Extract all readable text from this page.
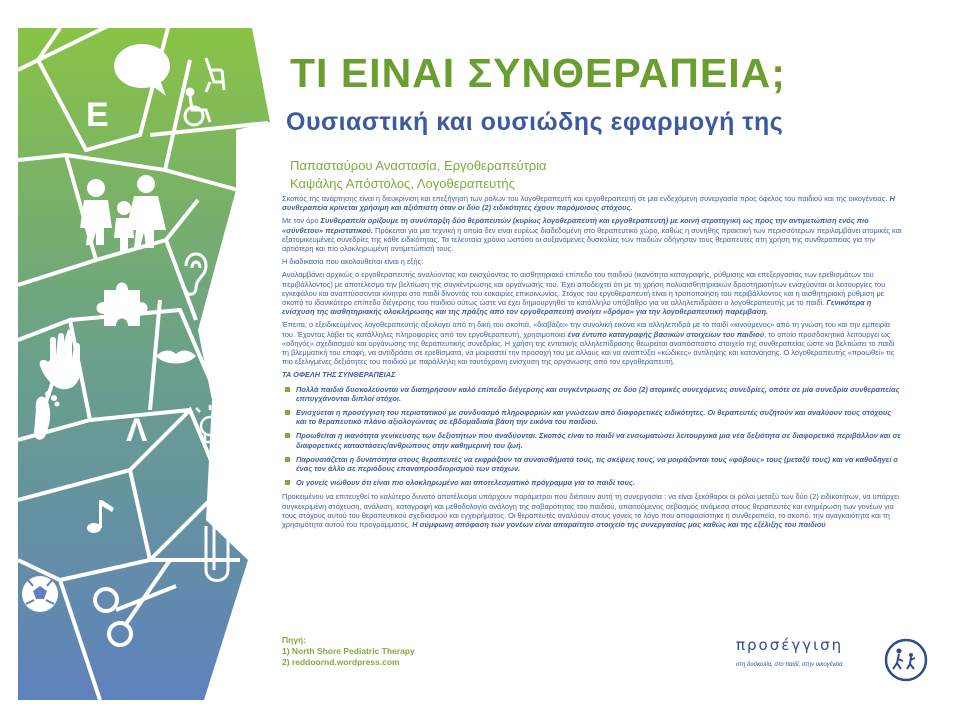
Ε
Λ
ΤΙ ΕΙΝΑΙ ΣΥΝΘΕΡΑΠΕΙΑ;
Ουσιαστική και ουσιώδης εφαρμογή της
Παπασταύρου Αναστασία, Εργοθεραπεύτρια
Καψάλης Απόστολος, Λογοθεραπευτής

Σκοπός της ανάρτησης είναι η διευκρίνιση και επεξήγηση των ρόλων του λογοθεραπευτή και εργοθεραπευτή σε μια ενδεχόμενη συνεργασία προς όφελος του παιδιού και της οικογένειας. Η συνθεραπεία κρίνεται χρήσιμη και αξιόπιστη όταν οι δύο (2) ειδικότητες έχουν παρόμοιους στόχους.

Με τον όρο Συνθεραπεία ορίζουμε τη συνύπαρξη δύο θεραπευτών (κυρίως λογοθεραπευτή και εργοθεραπευτή) με κοινή στρατηγική ως προς την αντιμετώπιση ενός πιο «σύνθετου» περιστατικού. Πρόκειται για μια τεχνική η οποία δεν είναι ευρέως διαδεδομένη στο θεραπευτικό χώρο, καθώς η συνήθης πρακτική των περισσότερων περιλαμβάνει ατομικές και εξατομικευμένες συνεδρίες της κάθε ειδικότητας. Τα τελευταία χρόνια ωστόσο οι αυξανόμενες δυσκολίες των παιδιών οδήγησαν τους θεραπευτές στη χρήση της συνθεραπείας για την αρτιότερη και πιο ολοκληρωμένη αντιμετώπισή τους.

Η διαδικασία που ακολουθείται είναι η εξής:

Αναλαμβάνει αρχικώς ο εργοθεραπευτής αναλύοντας και ενισχύοντας το αισθητηριακό επίπεδο του παιδιού (ικανότητα καταγραφής, ρύθμισης και επεξεργασίας των ερεθισμάτων του περιβάλλοντος) με αποτέλεσμα την βελτίωση της συγκέντρωσης και οργάνωσής του. Έχει αποδειχτεί ότι με τη χρήση πολυαισθητηριακών δραστηριοτήτων ενισχύονται οι λειτουργίες του εγκεφάλου και αναπτύσσονται κίνητρα στο παιδί δίνοντάς του ευκαιρίες επικοινωνίας. Στόχος του εργοθεραπευτή είναι η τροποποίηση του περιβάλλοντος και η αισθητηριακή ρύθμιση με σκοπό το ιδανικότερο επίπεδο διέγερσης του παιδιού ούτως ώστε να έχει δημιουργηθεί το κατάλληλο υπόβαθρο για να αλληλεπιδράσει ο λογοθεραπευτής με το παιδί. Γενικότερα η ενίσχυση της αισθητηριακής ολοκλήρωσης και της πράξης από τον εργοθεραπευτή ανοίγει «δρόμο» για την λογοθεραπευτική παρέμβαση.

Έπειτα, ο εξειδικευμένος λογοθεραπευτής αξιολογεί από τη δική του σκοπιά, «διαβάζει» την συνολική εικόνα και αλληλεπιδρά με το παιδί «κινούμενος» από τη γνώση του και την εμπειρία του. Έχοντας λάβει τις κατάλληλες πληροφορίες από τον εργοθεραπευτή, χρησιμοποιεί ένα έντυπο καταγραφής βασικών στοιχείων του παιδιού, το οποίο προσδοκητικά λειτουργεί ως «οδηγός» σχεδιασμού και οργάνωσης της θεραπευτικής συνεδρίας. Η χρήση της εντατικής αλληλεπίδρασης θεωρείται αναπόσπαστο στοιχείο της συνθεραπείας ώστε να βελτιώσει το παιδί τη βλεμματική του επαφή, να αντιδράσει σε ερεθίσματα, να μοιραστεί την προσοχή του με άλλους και να αναπτύξει «κώδικες» αντίληψης και κατανόησης. Ο λογοθεραπευτής «προωθεί» τις πιο εξελιγμένες δεξιότητες του παιδιού με παράλληλη και ταυτόχρονη ενίσχυση της οργάνωσης από τον εργοθεραπευτή.

ΤΑ ΟΦΕΛΗ ΤΗΣ ΣΥΝΘΕΡΑΠΕΙΑΣ

Πολλά παιδιά δυσκολεύονται να διατηρήσουν καλό επίπεδο διέγερσης και συγκέντρωσης σε δύο (2) ατομικές συνεχόμενες συνεδρίες, οπότε σε μία συνεδρία συνθεραπείας επιτυγχάνονται διπλοί στόχοι.
Ενισχύεται η προσέγγιση του περιστατικού με συνδυασμό πληροφοριών και γνώσεων από διαφορετικές ειδικότητες. Οι θεραπευτές συζητούν και αναλύουν τους στόχους και το θεραπευτικό πλάνο αξιολογώντας σε εβδομαδιαία βάση την εικόνα του παιδιού.
Προωθείται η ικανότητα γενίκευσης των δεξιοτήτων που αναδύονται. Σκοπός είναι το παιδί να ενσωματώσει λειτουργικά μια νέα δεξιότητα σε διαφορετικό περιβάλλον και σε διαφορετικές καταστάσεις/ανθρώπους στην καθημερινή του ζωή.
Παρουσιάζεται η δυνατότητα στους θεραπευτές να εκφράζουν τα συναισθήματά τους, τις σκέψεις τους, να μοιράζονται τους «φόβους» τους (μεταξύ τους) και να καθοδηγεί ο ένας τον άλλο σε περιόδους επαναπροσδιορισμού των στόχων.
Οι γονείς νιώθουν ότι είναι πιο ολοκληρωμένο και αποτελεσματικό πρόγραμμα για το παιδί τους.

Προκειμένου να επιτευχθεί το καλύτερο δυνατό αποτέλεσμα υπάρχουν παράμετροι που διέπουν αυτή τη συνεργασία : να είναι ξεκάθαροι οι ρόλοι μεταξύ των δύο (2) ειδικοτήτων, να υπάρχει συγκεκριμένη στόχευση, ανάλυση, καταγραφή και μεθοδολογία ανάλογη της σοβαρότητας του παιδιού, απαιτούμενος σεβασμός ανάμεσα στους θεραπευτές και ενημέρωση των γονέων για τους στόχους αυτού του θεραπευτικού σχεδιασμού και εγχειρήματος. Οι θεραπευτές αναλύουν στους γονείς το λόγο που αποφασίστηκε η συνθεραπεία, το σκοπό, την αναγκαιότητα και τη χρησιμότητα αυτού του προγράμματος. Η σύμφωνη απόφαση των γονέων είναι απαραίτητο στοιχείο της συνεργασίας μας καθώς και της εξέλιξης του παιδιού

Πηγή:
1) North Shore Pediatric Therapy
2) reddoornd.wordpress.com
προσέγγιση
στη δυσκολία, στο παιδί, στην οικογένεια
